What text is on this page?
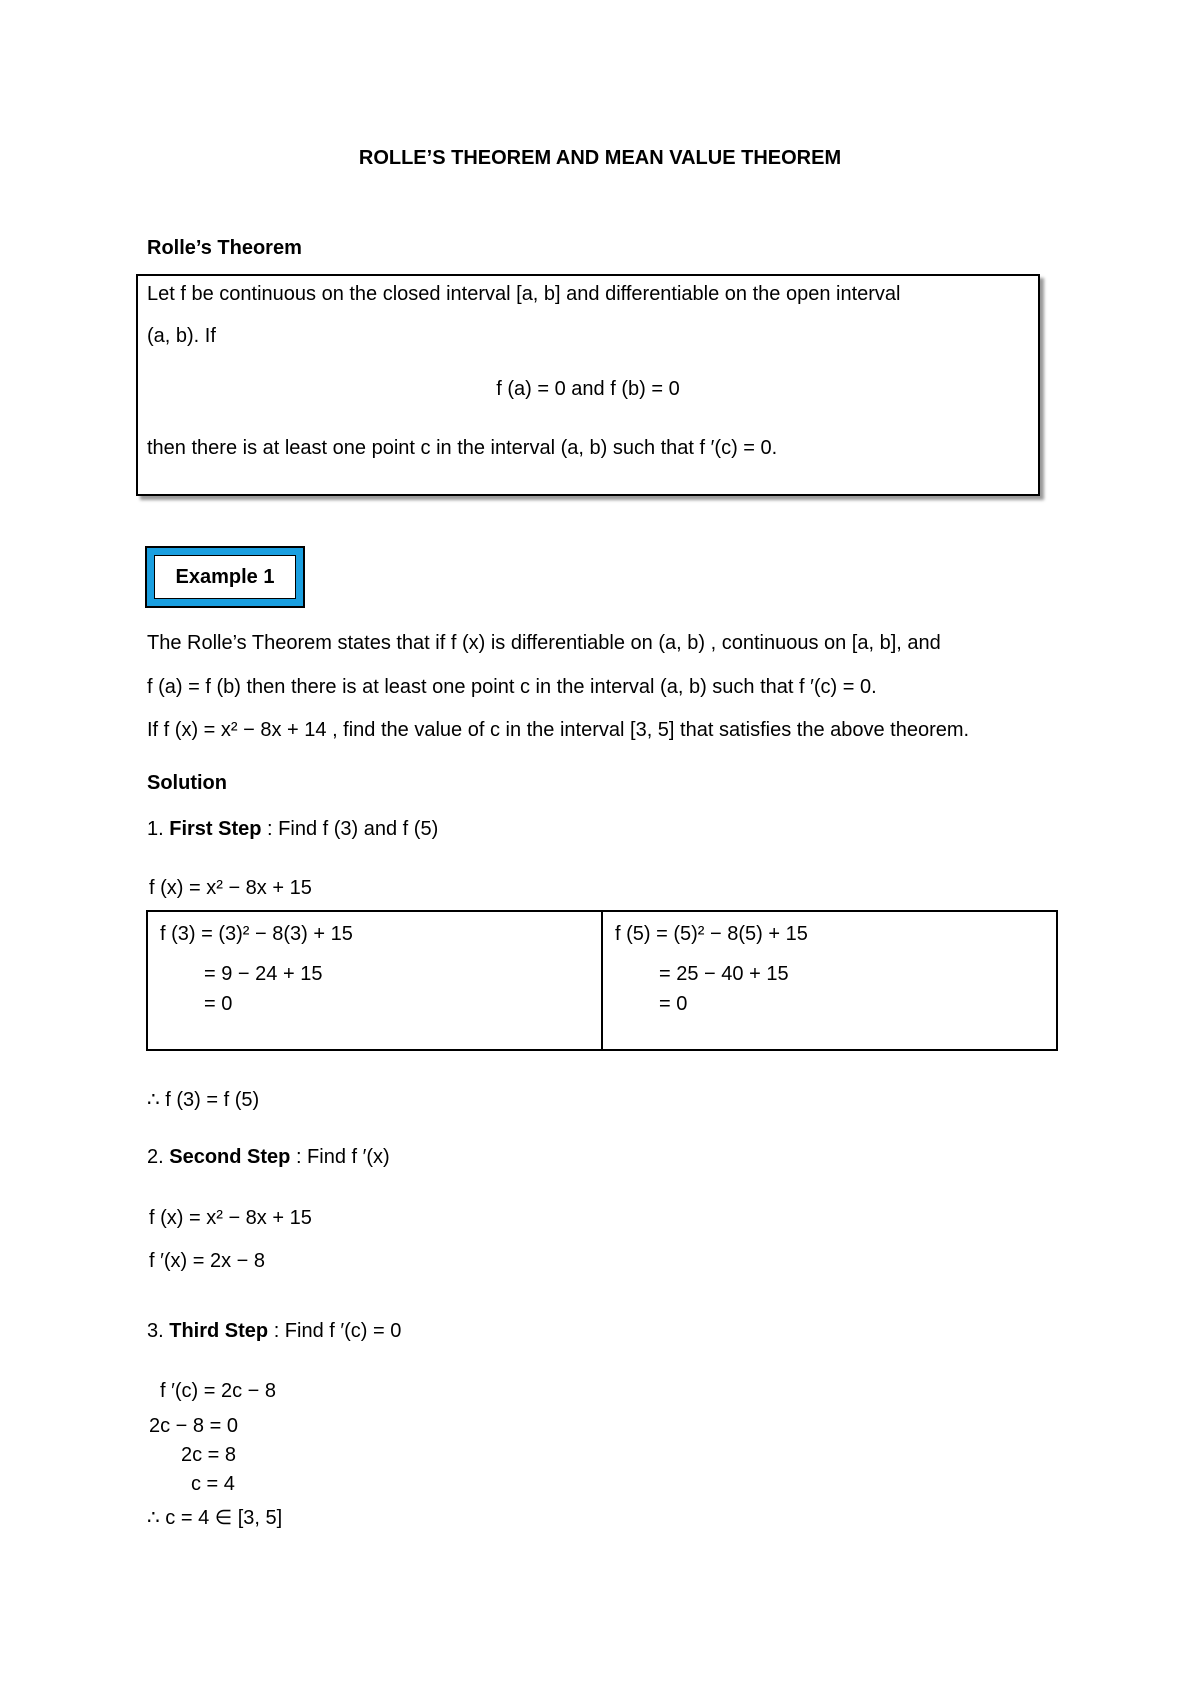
ROLLE’S THEOREM AND MEAN VALUE THEOREM
Rolle’s Theorem
Let f be continuous on the closed interval [a, b] and differentiable on the open interval
(a, b). If
f (a) = 0 and f (b) = 0
then there is at least one point c in the interval (a, b) such that f ′(c) = 0.
Example 1
The Rolle’s Theorem states that if f (x) is differentiable on (a, b) , continuous on [a, b], and
f (a) = f (b) then there is at least one point c in the interval (a, b) such that f ′(c) = 0.
If f (x) = x² − 8x + 14 , find the value of c in the interval [3, 5] that satisfies the above theorem.
Solution
1. First Step : Find f (3) and f (5)
f (x) = x² − 8x + 15
f (3) = (3)² − 8(3) + 15
= 9 − 24 + 15
= 0

f (5) = (5)² − 8(5) + 15
= 25 − 40 + 15
= 0
∴ f (3) = f (5)
2. Second Step : Find f ′(x)
f (x) = x² − 8x + 15
f ′(x) = 2x − 8
3. Third Step : Find f ′(c) = 0
f ′(c) = 2c − 8
2c − 8 = 0
2c = 8
c = 4
∴ c = 4 ∈ [3, 5]
